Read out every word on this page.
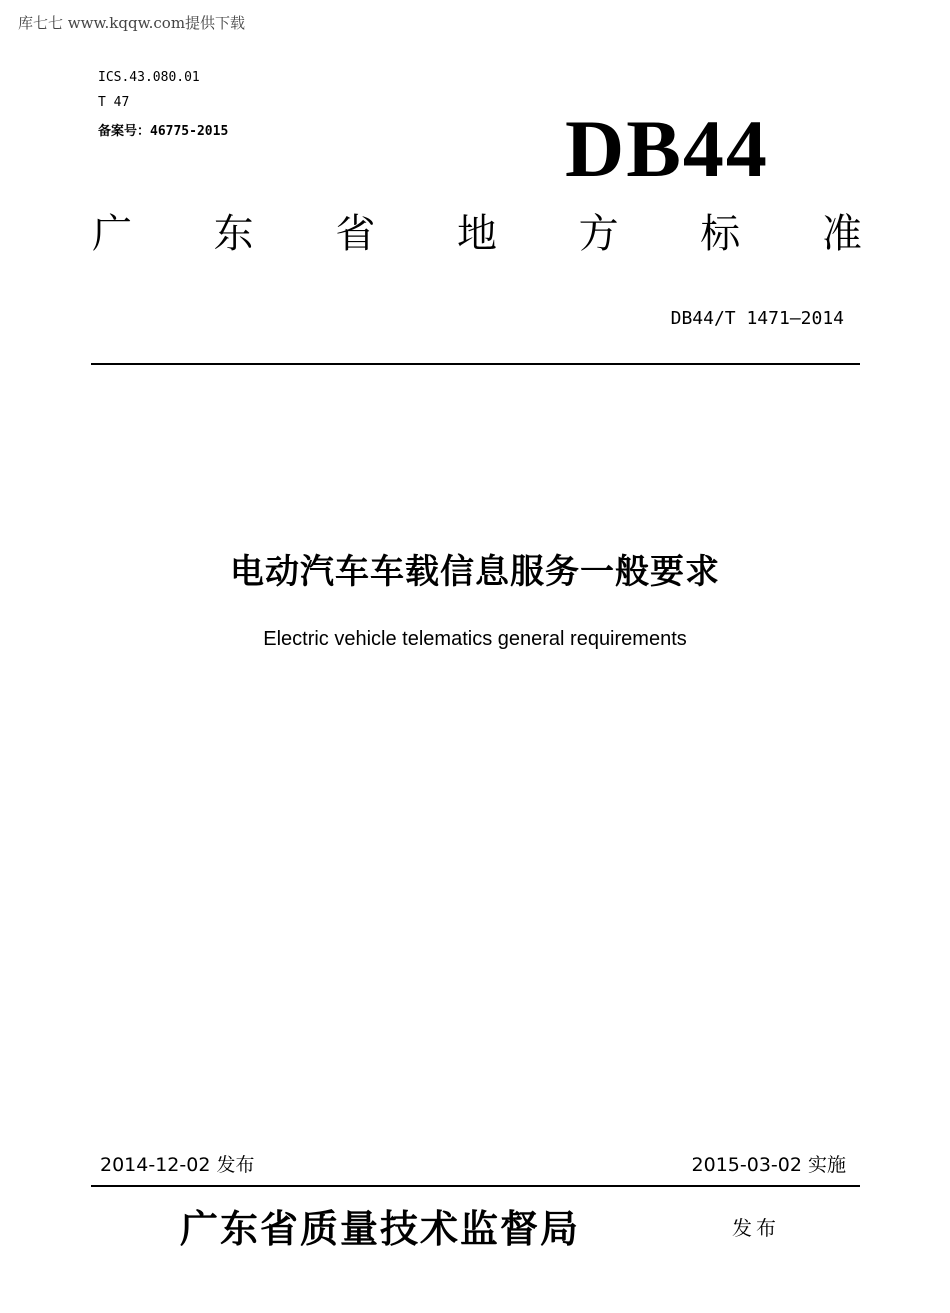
库七七 www.kqqw.com提供下载
ICS.43.080.01
T 47
备案号：46775-2015	DB44
广 东 省 地 方 标 准
DB44/T 1471—2014
电动汽车车载信息服务一般要求
Electric vehicle telematics general requirements
2014-12-02 发布	2015-03-02 实施
广东省质量技术监督局	发布
